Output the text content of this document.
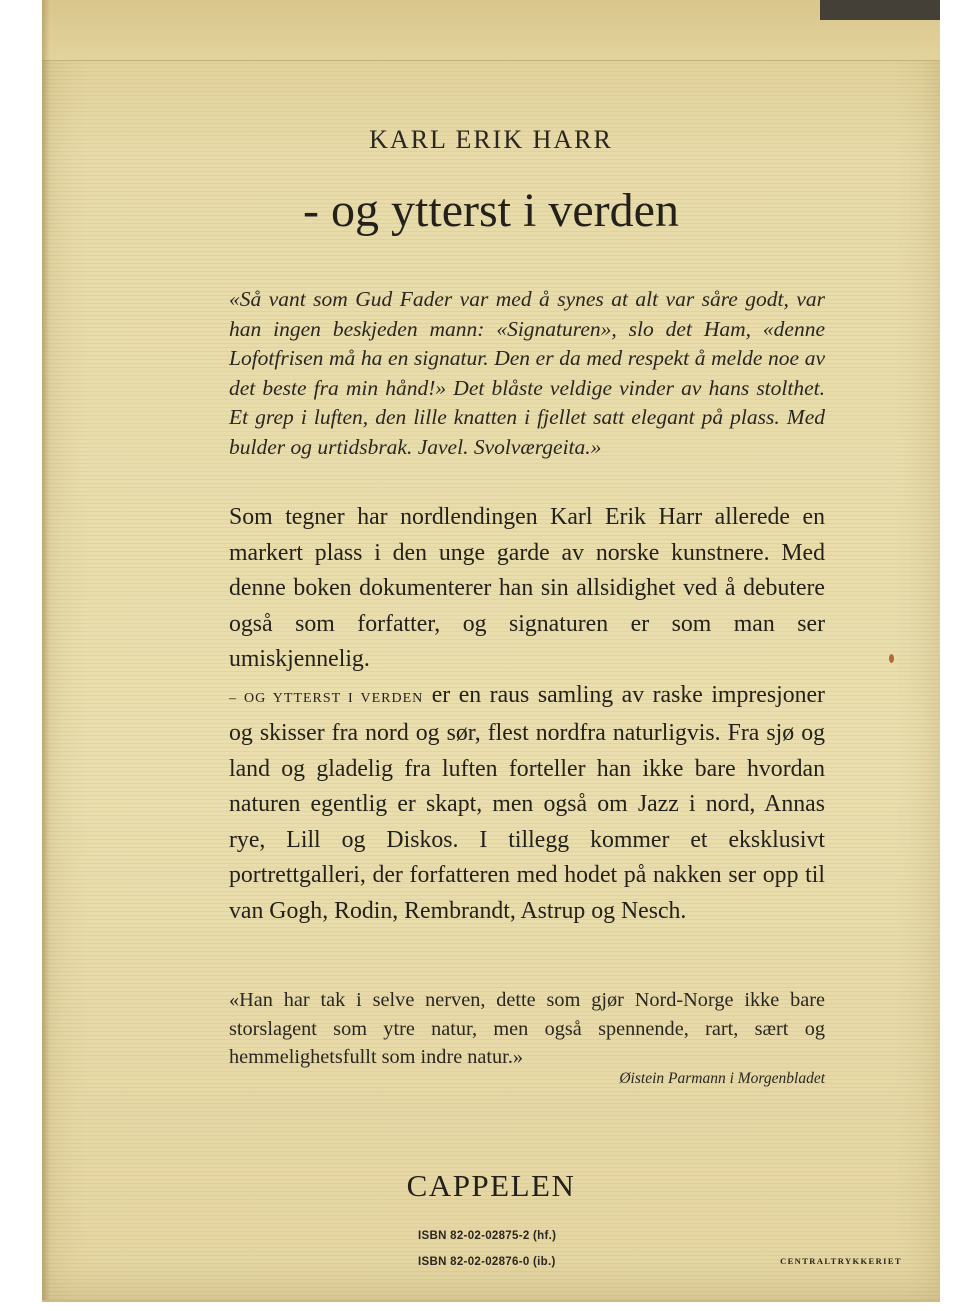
KARL ERIK HARR
- og ytterst i verden

«Så vant som Gud Fader var med å synes at alt var såre godt, var han ingen beskjeden mann: «Signaturen», slo det Ham, «denne Lofotfrisen må ha en signatur. Den er da med respekt å melde noe av det beste fra min hånd!» Det blåste veldige vinder av hans stolthet. Et grep i luften, den lille knatten i fjellet satt elegant på plass. Med bulder og urtidsbrak. Javel. Svolværgeita.»

Som tegner har nordlendingen Karl Erik Harr allerede en markert plass i den unge garde av norske kunstnere. Med denne boken dokumenterer han sin allsidighet ved å debutere også som forfatter, og signaturen er som man ser umiskjennelig.
– OG YTTERST I VERDEN er en raus samling av raske impresjoner og skisser fra nord og sør, flest nordfra naturligvis. Fra sjø og land og gladelig fra luften forteller han ikke bare hvordan naturen egentlig er skapt, men også om Jazz i nord, Annas rye, Lill og Diskos. I tillegg kommer et eksklusivt portrettgalleri, der forfatteren med hodet på nakken ser opp til van Gogh, Rodin, Rembrandt, Astrup og Nesch.

«Han har tak i selve nerven, dette som gjør Nord-Norge ikke bare storslagent som ytre natur, men også spennende, rart, sært og hemmelighetsfullt som indre natur.»

Øistein Parmann i Morgenbladet
CAPPELEN
ISBN 82-02-02875-2 (hf.)
ISBN 82-02-02876-0 (ib.)	CENTRALTRYKKERIET
